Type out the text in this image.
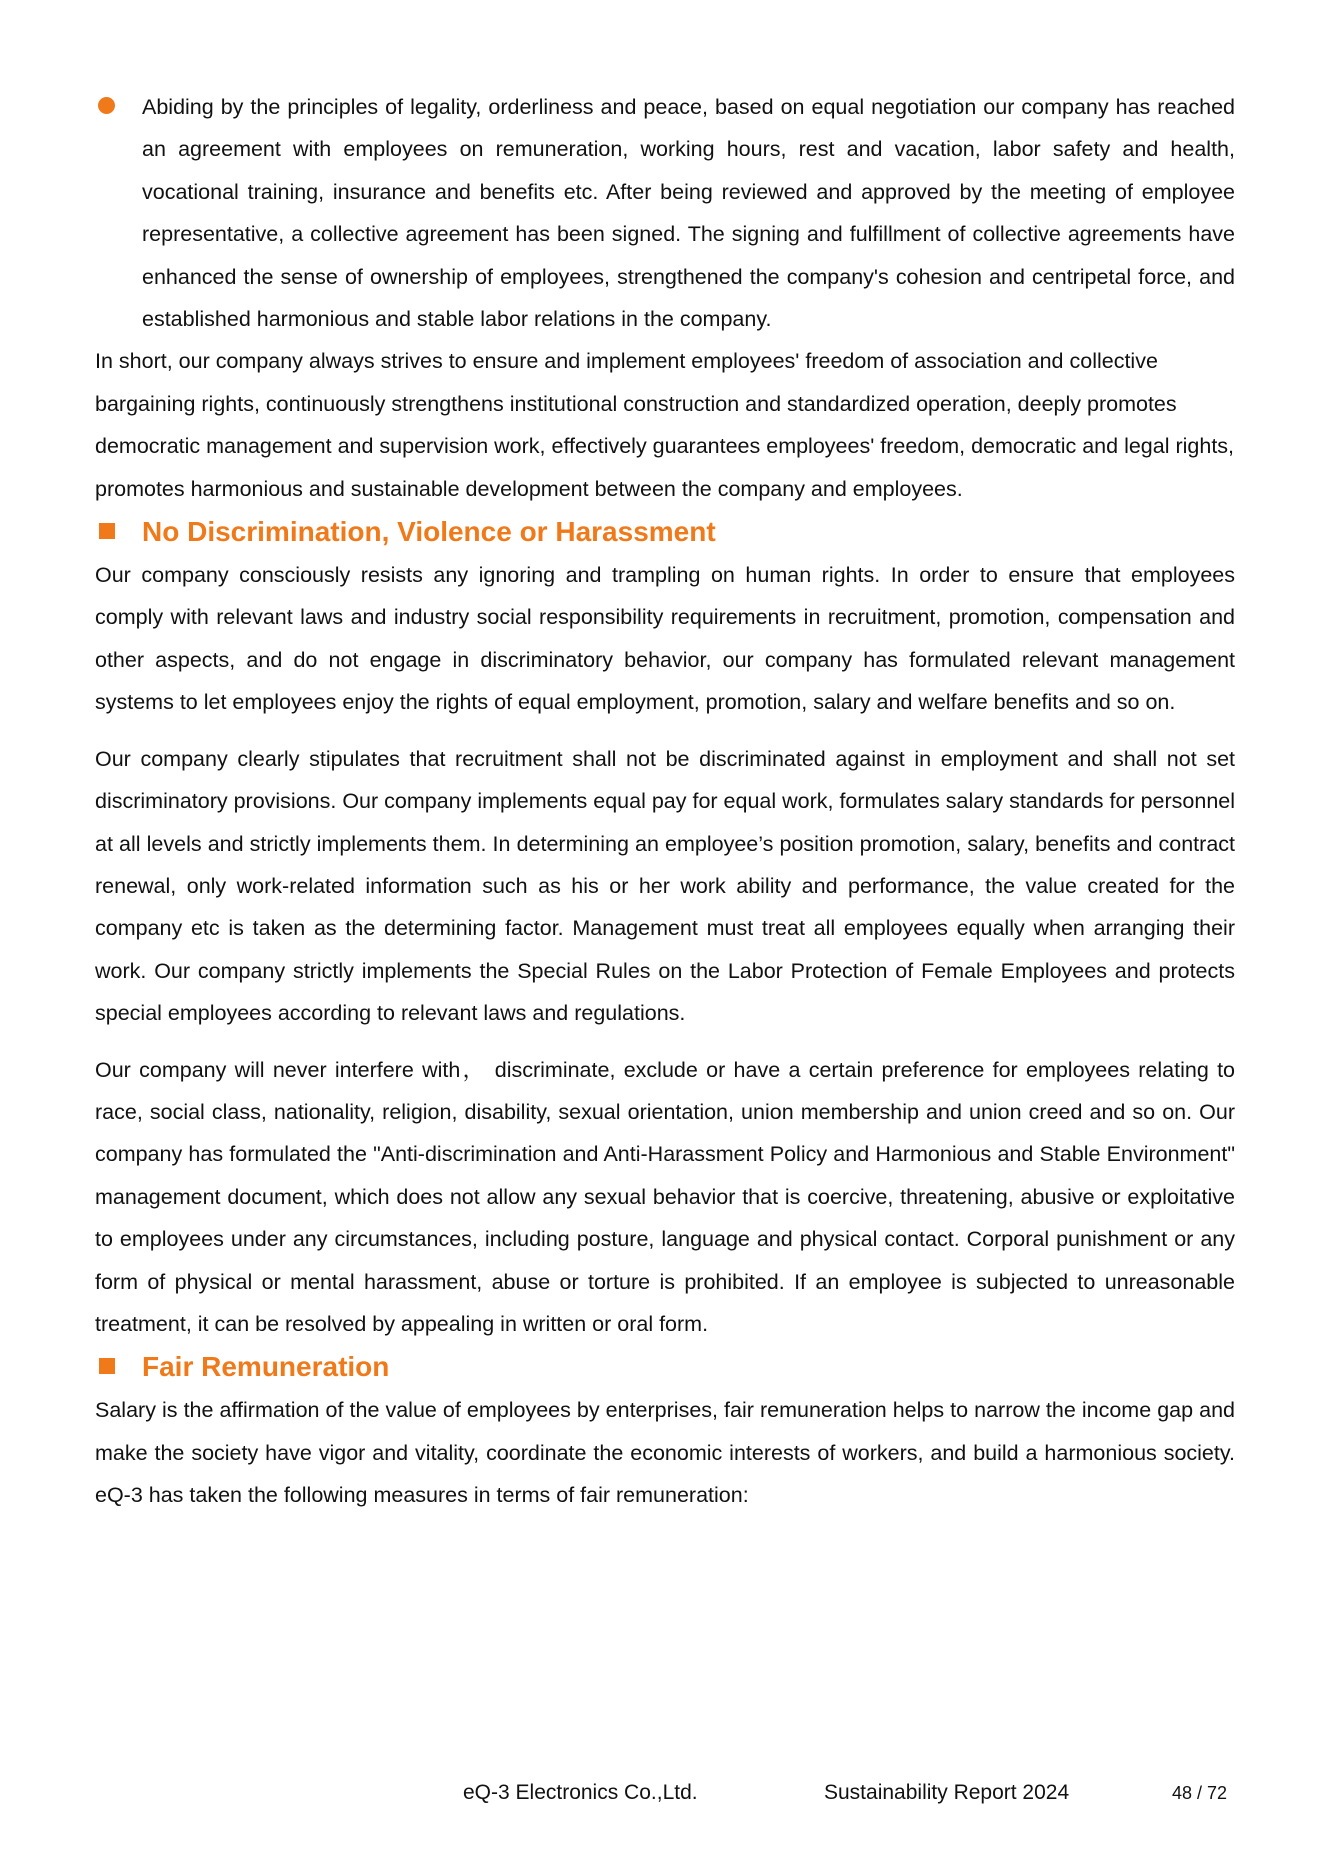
Abiding by the principles of legality, orderliness and peace, based on equal negotiation our company has reached an agreement with employees on remuneration, working hours, rest and vacation, labor safety and health, vocational training, insurance and benefits etc. After being reviewed and approved by the meeting of employee representative, a collective agreement has been signed. The signing and fulfillment of collective agreements have enhanced the sense of ownership of employees, strengthened the company's cohesion and centripetal force, and established harmonious and stable labor relations in the company.

In short, our company always strives to ensure and implement employees' freedom of association and collective bargaining rights, continuously strengthens institutional construction and standardized operation, deeply promotes democratic management and supervision work, effectively guarantees employees' freedom, democratic and legal rights, promotes harmonious and sustainable development between the company and employees.

No Discrimination, Violence or Harassment

Our company consciously resists any ignoring and trampling on human rights. In order to ensure that employees comply with relevant laws and industry social responsibility requirements in recruitment, promotion, compensation and other aspects, and do not engage in discriminatory behavior, our company has formulated relevant management systems to let employees enjoy the rights of equal employment, promotion, salary and welfare benefits and so on.

Our company clearly stipulates that recruitment shall not be discriminated against in employment and shall not set discriminatory provisions. Our company implements equal pay for equal work, formulates salary standards for personnel at all levels and strictly implements them. In determining an employee’s position promotion, salary, benefits and contract renewal, only work-related information such as his or her work ability and performance, the value created for the company etc is taken as the determining factor. Management must treat all employees equally when arranging their work. Our company strictly implements the Special Rules on the Labor Protection of Female Employees and protects special employees according to relevant laws and regulations.

Our company will never interfere with， discriminate, exclude or have a certain preference for employees relating to race, social class, nationality, religion, disability, sexual orientation, union membership and union creed and so on. Our company has formulated the "Anti-discrimination and Anti-Harassment Policy and Harmonious and Stable Environment" management document, which does not allow any sexual behavior that is coercive, threatening, abusive or exploitative to employees under any circumstances, including posture, language and physical contact. Corporal punishment or any form of physical or mental harassment, abuse or torture is prohibited. If an employee is subjected to unreasonable treatment, it can be resolved by appealing in written or oral form.

Fair Remuneration

Salary is the affirmation of the value of employees by enterprises, fair remuneration helps to narrow the income gap and make the society have vigor and vitality, coordinate the economic interests of workers, and build a harmonious society. eQ-3 has taken the following measures in terms of fair remuneration:

eQ-3 Electronics Co.,Ltd.	Sustainability Report 2024	48 / 72
